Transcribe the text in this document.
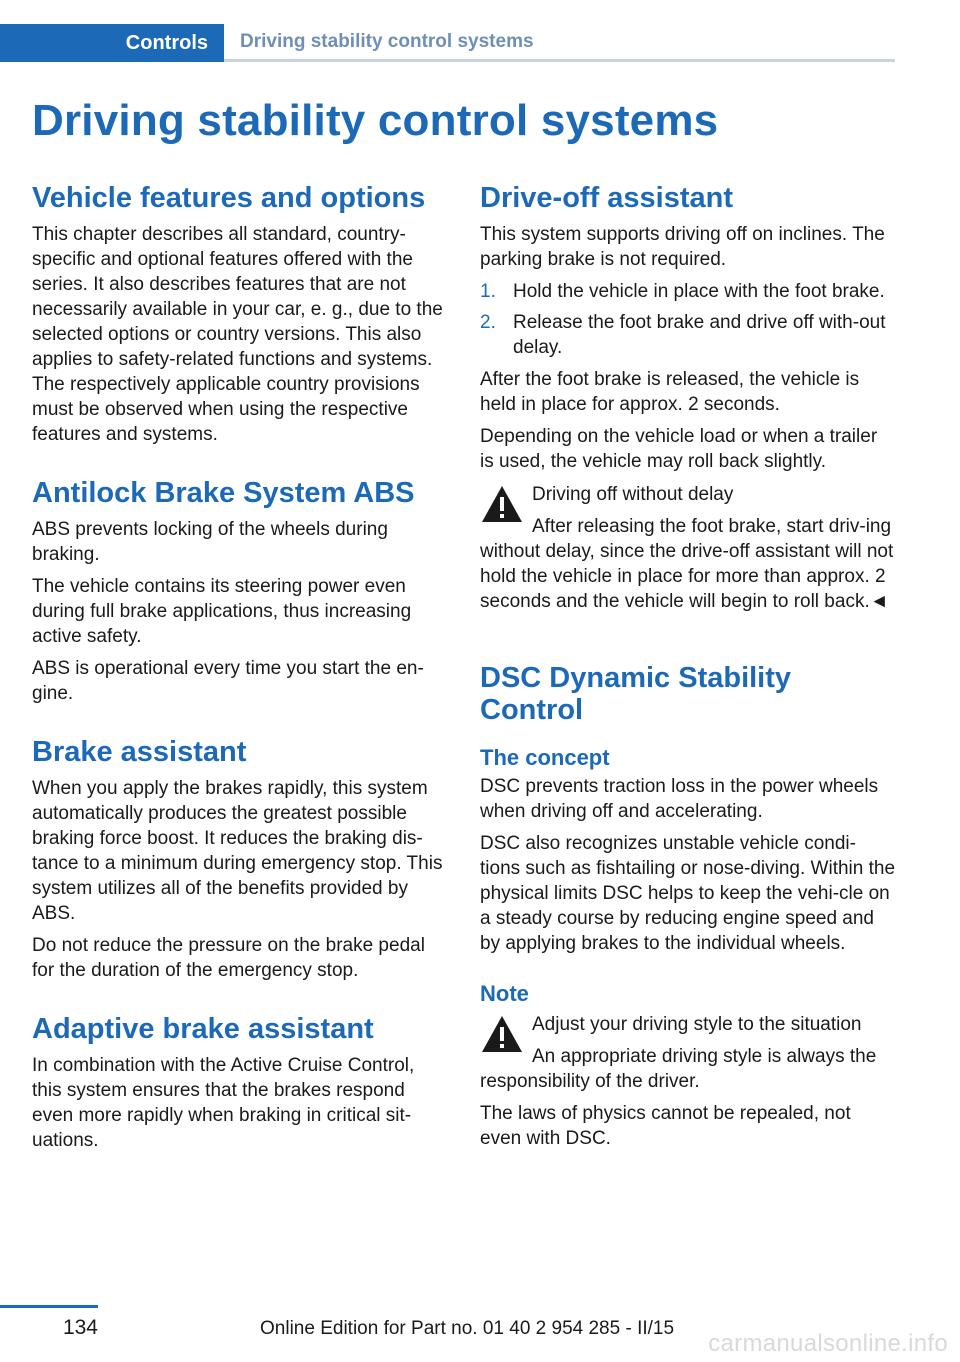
Controls	Driving stability control systems
Driving stability control systems
Vehicle features and options

This chapter describes all standard, country-specific and optional features offered with the series. It also describes features that are not necessarily available in your car, e. g., due to the selected options or country versions. This also applies to safety-related functions and systems. The respectively applicable country provisions must be observed when using the respective features and systems.

Antilock Brake System ABS

ABS prevents locking of the wheels during braking.

The vehicle contains its steering power even during full brake applications, thus increasing active safety.

ABS is operational every time you start the en-gine.

Brake assistant

When you apply the brakes rapidly, this system automatically produces the greatest possible braking force boost. It reduces the braking dis-tance to a minimum during emergency stop. This system utilizes all of the benefits provided by ABS.

Do not reduce the pressure on the brake pedal for the duration of the emergency stop.

Adaptive brake assistant

In combination with the Active Cruise Control, this system ensures that the brakes respond even more rapidly when braking in critical sit-uations.

Drive-off assistant

This system supports driving off on inclines. The parking brake is not required.

1. Hold the vehicle in place with the foot brake.
2. Release the foot brake and drive off with-out delay.

After the foot brake is released, the vehicle is held in place for approx. 2 seconds.

Depending on the vehicle load or when a trailer is used, the vehicle may roll back slightly.

Driving off without delay

After releasing the foot brake, start driv-ing without delay, since the drive-off assistant will not hold the vehicle in place for more than approx. 2 seconds and the vehicle will begin to roll back.◄

DSC Dynamic Stability Control
The concept

DSC prevents traction loss in the power wheels when driving off and accelerating.

DSC also recognizes unstable vehicle condi-tions such as fishtailing or nose-diving. Within the physical limits DSC helps to keep the vehi-cle on a steady course by reducing engine speed and by applying brakes to the individual wheels.

Note

Adjust your driving style to the situation

An appropriate driving style is always the responsibility of the driver.

The laws of physics cannot be repealed, not even with DSC.

134	Online Edition for Part no. 01 40 2 954 285 - II/15
carmanualsonline.info
